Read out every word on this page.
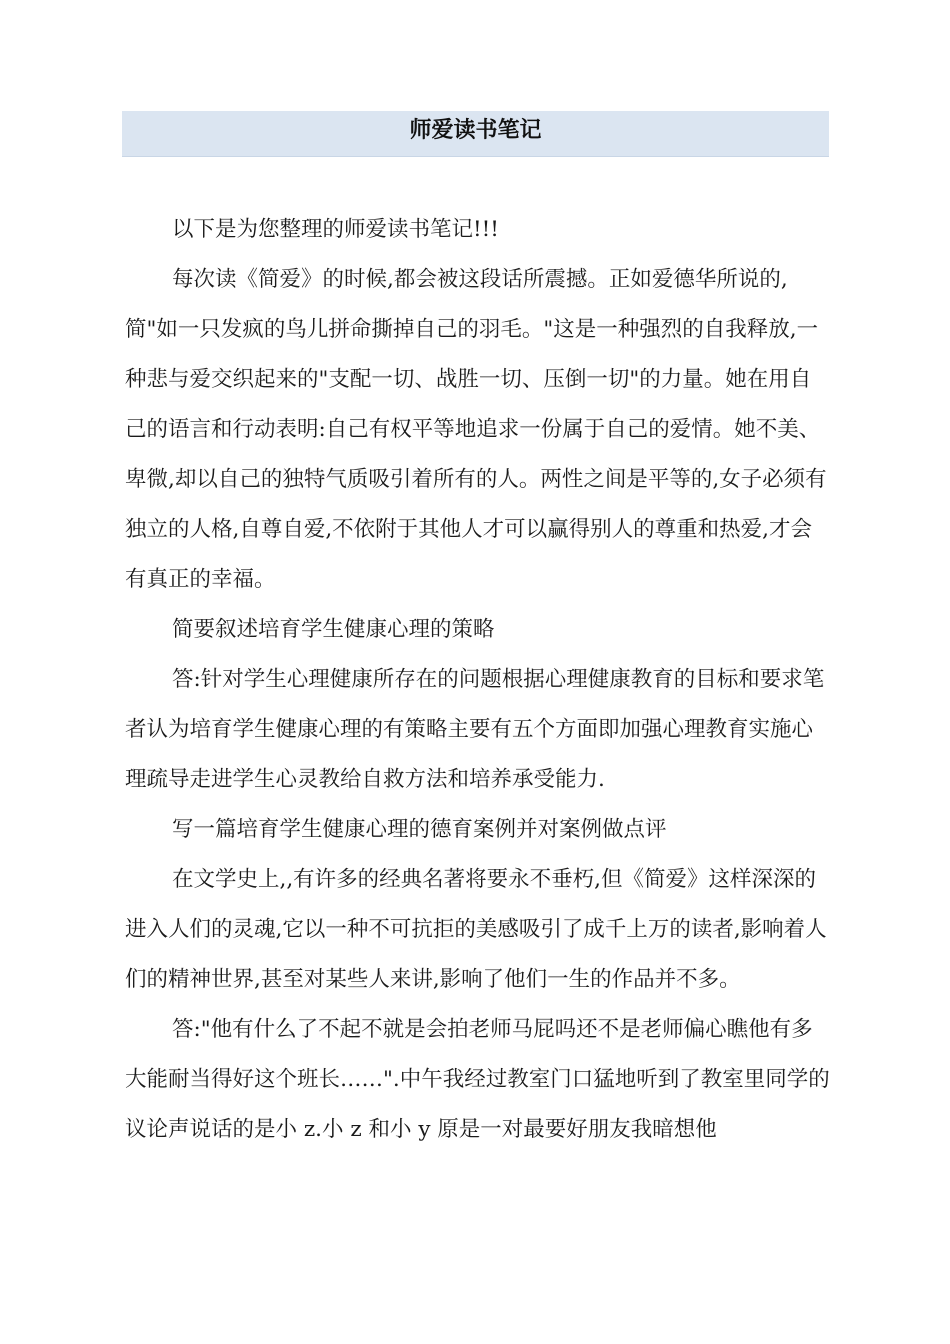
师爱读书笔记

以下是为您整理的师爱读书笔记!!!

每次读《简爱》的时候,都会被这段话所震撼。正如爱德华所说的,简"如一只发疯的鸟儿拼命撕掉自己的羽毛。"这是一种强烈的自我释放,一种悲与爱交织起来的"支配一切、战胜一切、压倒一切"的力量。她在用自己的语言和行动表明:自己有权平等地追求一份属于自己的爱情。她不美、卑微,却以自己的独特气质吸引着所有的人。两性之间是平等的,女子必须有独立的人格,自尊自爱,不依附于其他人才可以赢得别人的尊重和热爱,才会有真正的幸福。

简要叙述培育学生健康心理的策略

答:针对学生心理健康所存在的问题根据心理健康教育的目标和要求笔者认为培育学生健康心理的有策略主要有五个方面即加强心理教育实施心理疏导走进学生心灵教给自救方法和培养承受能力.

写一篇培育学生健康心理的德育案例并对案例做点评

在文学史上,,有许多的经典名著将要永不垂朽,但《简爱》这样深深的进入人们的灵魂,它以一种不可抗拒的美感吸引了成千上万的读者,影响着人们的精神世界,甚至对某些人来讲,影响了他们一生的作品并不多。

答:"他有什么了不起不就是会拍老师马屁吗还不是老师偏心瞧他有多大能耐当得好这个班长……".中午我经过教室门口猛地听到了教室里同学的议论声说话的是小 z.小 z 和小 y 原是一对最要好朋友我暗想他
